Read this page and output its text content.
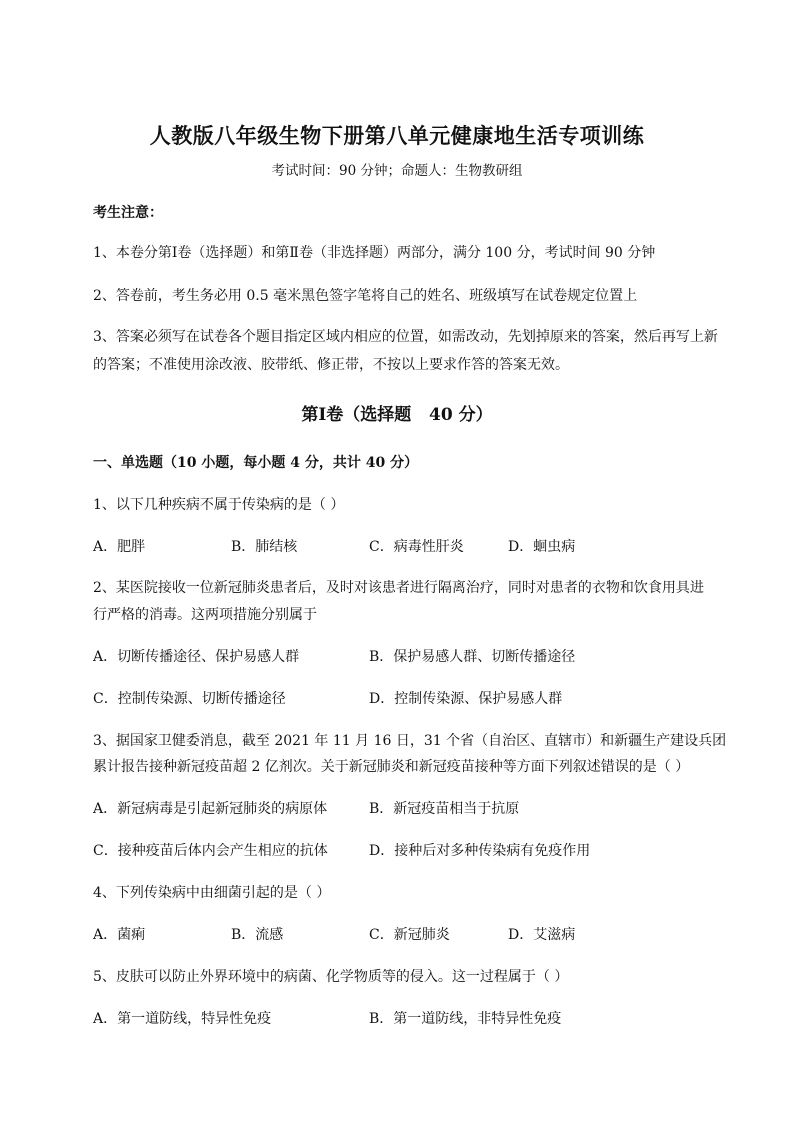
人教版八年级生物下册第八单元健康地生活专项训练
考试时间：90 分钟；命题人：生物教研组
考生注意：
1、本卷分第Ⅰ卷（选择题）和第Ⅱ卷（非选择题）两部分，满分 100 分，考试时间 90 分钟
2、答卷前，考生务必用 0.5 毫米黑色签字笔将自己的姓名、班级填写在试卷规定位置上
3、答案必须写在试卷各个题目指定区域内相应的位置，如需改动，先划掉原来的答案，然后再写上新
的答案；不准使用涂改液、胶带纸、修正带，不按以上要求作答的答案无效。
第Ⅰ卷（选择题   40 分）
一、单选题（10 小题，每小题 4 分，共计 40 分）
1、以下几种疾病不属于传染病的是（ ）
A．肥胖	B．肺结核	C．病毒性肝炎	D．蛔虫病
2、某医院接收一位新冠肺炎患者后，及时对该患者进行隔离治疗，同时对患者的衣物和饮食用具进
行严格的消毒。这两项措施分别属于
A．切断传播途径、保护易感人群	B．保护易感人群、切断传播途径
C．控制传染源、切断传播途径	D．控制传染源、保护易感人群
3、据国家卫健委消息，截至 2021 年 11 月 16 日，31 个省（自治区、直辖市）和新疆生产建设兵团
累计报告接种新冠疫苗超 2 亿剂次。关于新冠肺炎和新冠疫苗接种等方面下列叙述错误的是（ ）
A．新冠病毒是引起新冠肺炎的病原体	B．新冠疫苗相当于抗原
C．接种疫苗后体内会产生相应的抗体	D．接种后对多种传染病有免疫作用
4、下列传染病中由细菌引起的是（ ）
A．菌痢	B．流感	C．新冠肺炎	D．艾滋病
5、皮肤可以防止外界环境中的病菌、化学物质等的侵入。这一过程属于（ ）
A．第一道防线，特异性免疫	B．第一道防线，非特异性免疫
